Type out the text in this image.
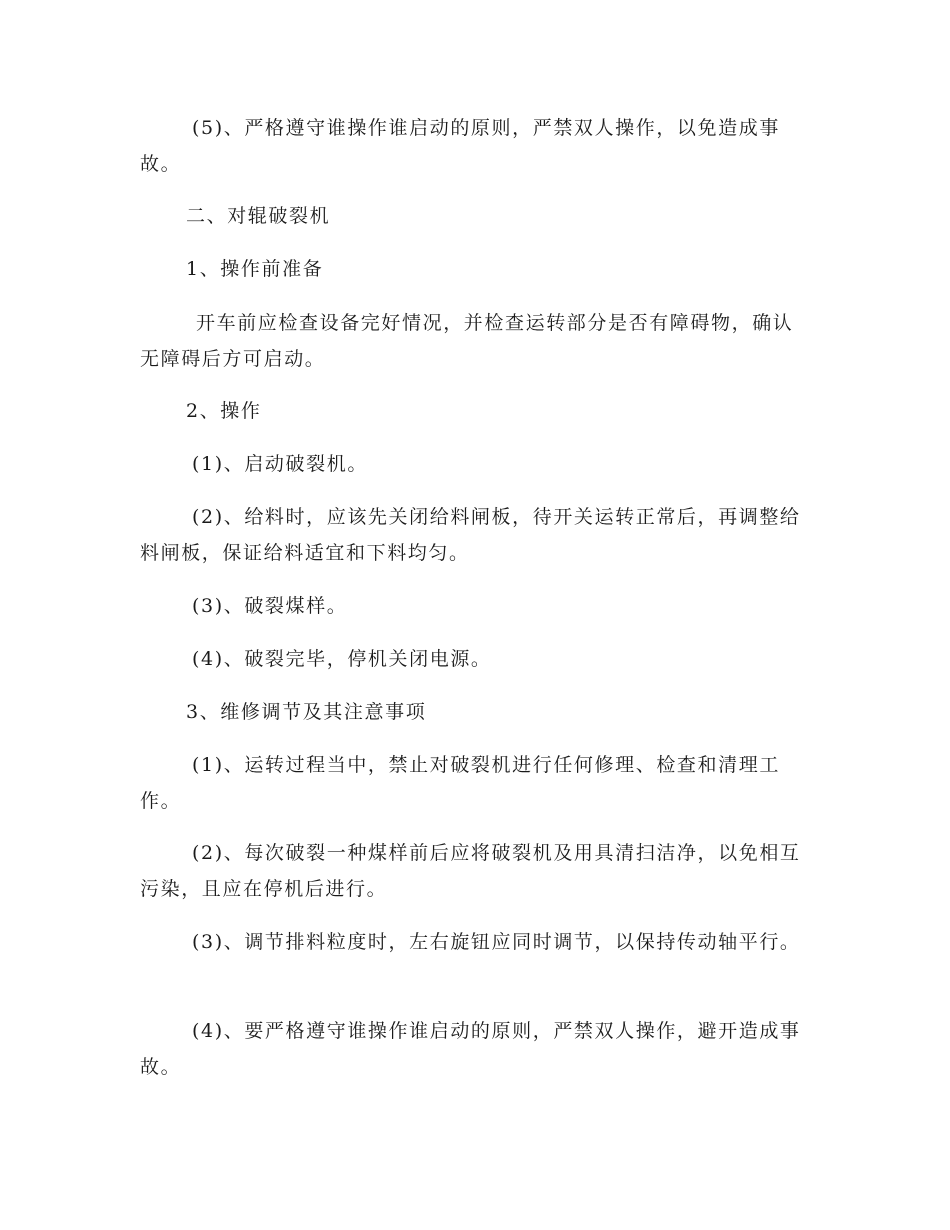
(5)、严格遵守谁操作谁启动的原则，严禁双人操作，以免造成事故。

二、对辊破裂机

1、操作前准备

开车前应检查设备完好情况，并检查运转部分是否有障碍物，确认无障碍后方可启动。

2、操作

(1)、启动破裂机。

(2)、给料时，应该先关闭给料闸板，待开关运转正常后，再调整给料闸板，保证给料适宜和下料均匀。

(3)、破裂煤样。

(4)、破裂完毕，停机关闭电源。

3、维修调节及其注意事项

(1)、运转过程当中，禁止对破裂机进行任何修理、检查和清理工作。

(2)、每次破裂一种煤样前后应将破裂机及用具清扫洁净，以免相互污染，且应在停机后进行。

(3)、调节排料粒度时，左右旋钮应同时调节，以保持传动轴平行。

(4)、要严格遵守谁操作谁启动的原则，严禁双人操作，避开造成事故。
